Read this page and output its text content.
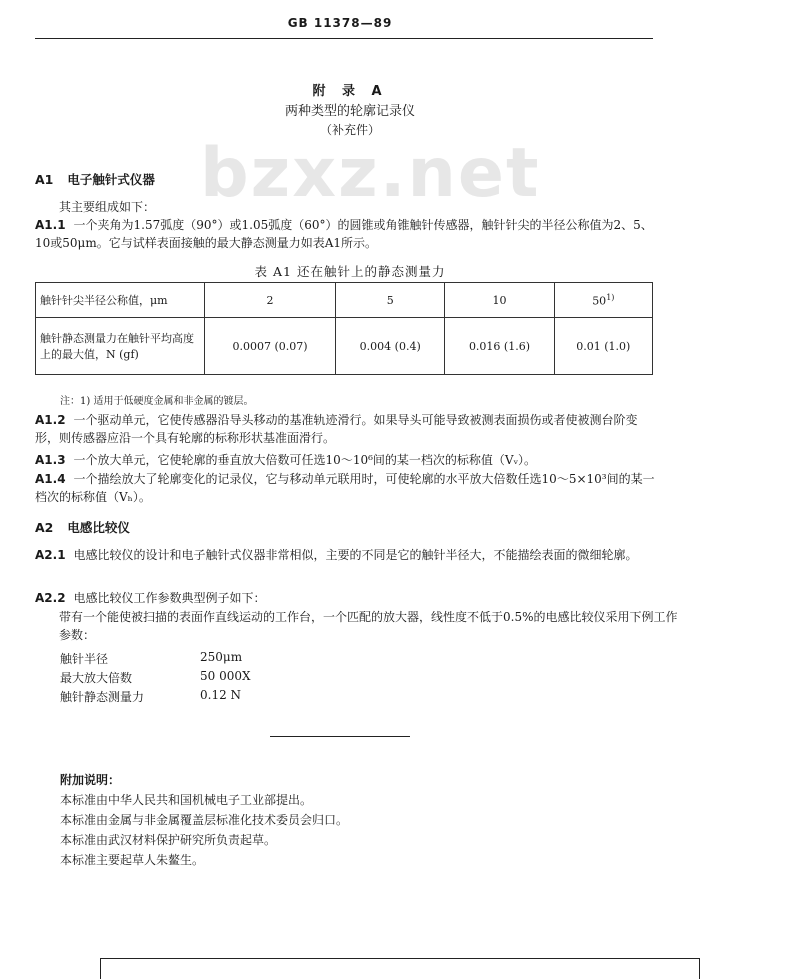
GB 11378—89
附 录 A
两种类型的轮廓记录仪
（补充件）
bzxz.net
A1 电子触针式仪器
其主要组成如下：
A1.1 一个夹角为1.57弧度（90°）或1.05弧度（60°）的圆锥或角锥触针传感器，触针针尖的半径公称值为2、5、10或50μm。它与试样表面接触的最大静态测量力如表A1所示。
表 A1 还在触针上的静态测量力
触针针尖半径公称值，μm	2	5	10	50$^{1)}$
触针静态测量力在触针平均高度上的最大值，N (gf)	0.0007 (0.07)	0.004 (0.4)	0.016 (1.6)	0.01 (1.0)
注：1) 适用于低硬度金属和非金属的镀层。
A1.2 一个驱动单元，它使传感器沿导头移动的基准轨迹滑行。如果导头可能导致被测表面损伤或者使被测台阶变形，则传感器应沿一个具有轮廓的标称形状基准面滑行。
A1.3 一个放大单元，它使轮廓的垂直放大倍数可任选10～10⁶间的某一档次的标称值（Vᵥ）。
A1.4 一个描绘放大了轮廓变化的记录仪，它与移动单元联用时，可使轮廓的水平放大倍数任选10～5×10³间的某一档次的标称值（Vₕ）。
A2 电感比较仪
A2.1 电感比较仪的设计和电子触针式仪器非常相似，主要的不同是它的触针半径大，不能描绘表面的微细轮廓。
A2.2 电感比较仪工作参数典型例子如下：
带有一个能使被扫描的表面作直线运动的工作台，一个匹配的放大器，线性度不低于0.5%的电感比较仪采用下例工作参数：
触针半径	250μm
最大放大倍数	50 000X
触针静态测量力	0.12 N
附加说明：
本标准由中华人民共和国机械电子工业部提出。
本标准由金属与非金属覆盖层标准化技术委员会归口。
本标准由武汉材料保护研究所负责起草。
本标准主要起草人朱鳌生。
